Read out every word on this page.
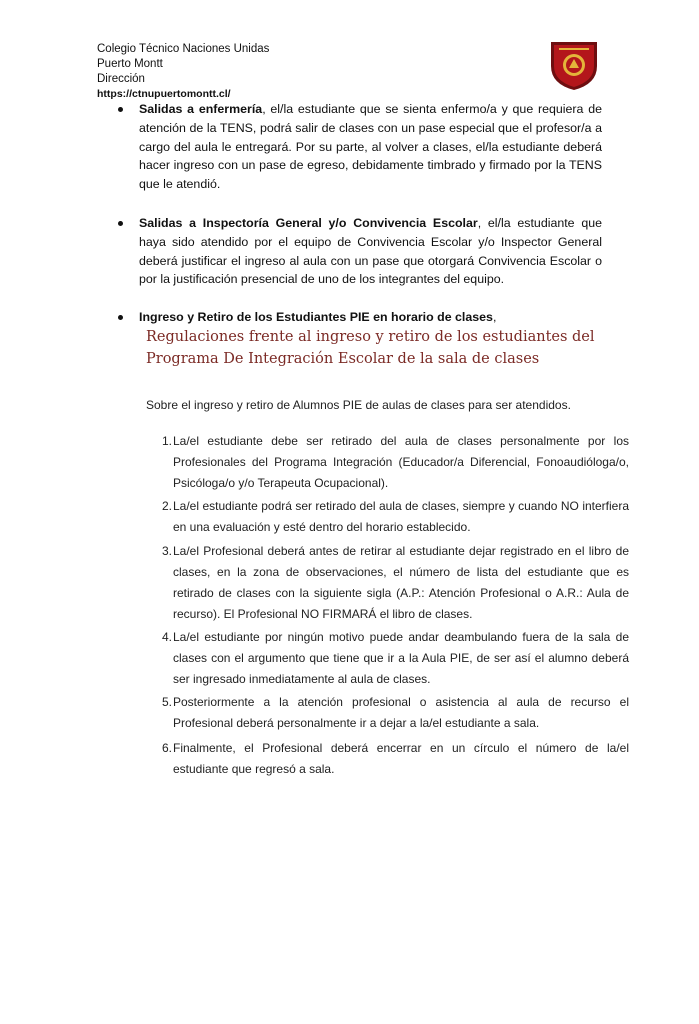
Colegio Técnico Naciones Unidas
Puerto Montt
Dirección
https://ctnupuertomontt.cl/
Salidas a enfermería, el/la estudiante que se sienta enfermo/a y que requiera de atención de la TENS, podrá salir de clases con un pase especial que el profesor/a a cargo del aula le entregará. Por su parte, al volver a clases, el/la estudiante deberá hacer ingreso con un pase de egreso, debidamente timbrado y firmado por la TENS que le atendió.
Salidas a Inspectoría General y/o Convivencia Escolar, el/la estudiante que haya sido atendido por el equipo de Convivencia Escolar y/o Inspector General deberá justificar el ingreso al aula con un pase que otorgará Convivencia Escolar o por la justificación presencial de uno de los integrantes del equipo.
Ingreso y Retiro de los Estudiantes PIE en horario de clases,
Regulaciones frente al ingreso y retiro de los estudiantes del Programa De Integración Escolar de la sala de clases
Sobre el ingreso y retiro de Alumnos PIE de aulas de clases para ser atendidos.
1. La/el estudiante debe ser retirado del aula de clases personalmente por los Profesionales del Programa Integración (Educador/a Diferencial, Fonoaudióloga/o, Psicóloga/o y/o Terapeuta Ocupacional).
2. La/el estudiante podrá ser retirado del aula de clases, siempre y cuando NO interfiera en una evaluación y esté dentro del horario establecido.
3. La/el Profesional deberá antes de retirar al estudiante dejar registrado en el libro de clases, en la zona de observaciones, el número de lista del estudiante que es retirado de clases con la siguiente sigla (A.P.: Atención Profesional o A.R.: Aula de recurso). El Profesional NO FIRMARÁ el libro de clases.
4. La/el estudiante por ningún motivo puede andar deambulando fuera de la sala de clases con el argumento que tiene que ir a la Aula PIE, de ser así el alumno deberá ser ingresado inmediatamente al aula de clases.
5. Posteriormente a la atención profesional o asistencia al aula de recurso el Profesional deberá personalmente ir a dejar a la/el estudiante a sala.
6. Finalmente, el Profesional deberá encerrar en un círculo el número de la/el estudiante que regresó a sala.
